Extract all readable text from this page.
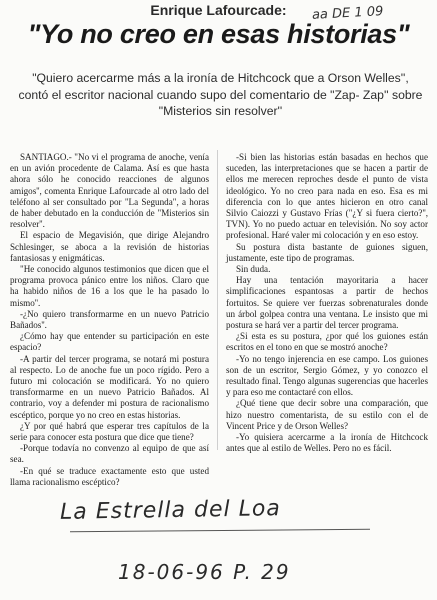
Enrique Lafourcade:	aa DE 1 09
"Yo no creo en esas historias"
"Quiero acercarme más a la ironía de Hitchcock que a Orson Welles'', contó el escritor nacional cuando supo del comentario de "Zap- Zap'' sobre "Misterios sin resolver''

SANTIAGO.- "No vi el programa de anoche, venía en un avión procedente de Calama. Así es que hasta ahora sólo he conocido reacciones de algunos amigos'', comenta Enrique Lafourcade al otro lado del teléfono al ser consultado por "La Segunda", a horas de haber debutado en la conducción de "Misterios sin resolver''.

El espacio de Megavisión, que dirige Alejandro Schlesinger, se aboca a la revisión de historias fantasiosas y enigmáticas.

"He conocido algunos testimonios que dicen que el programa provoca pánico entre los niños. Claro que ha habido niños de 16 a los que le ha pasado lo mismo''.

-¿No quiero transformarme en un nuevo Patricio Bañados''.

¿Cómo hay que entender su participación en este espacio?

-A partir del tercer programa, se notará mi postura al respecto. Lo de anoche fue un poco rígido. Pero a futuro mi colocación se modificará. Yo no quiero transformarme en un nuevo Patricio Bañados. Al contrario, voy a defender mi postura de racionalismo escéptico, porque yo no creo en estas historias.

¿Y por qué habrá que esperar tres capítulos de la serie para conocer esta postura que dice que tiene?

-Porque todavía no convenzo al equipo de que así sea.

-En qué se traduce exactamente esto que usted llama racionalismo escéptico?

-Si bien las historias están basadas en hechos que suceden, las interpretaciones que se hacen a partir de ellos me merecen reproches desde el punto de vista ideológico. Yo no creo para nada en eso. Esa es mi diferencia con lo que antes hicieron en otro canal Silvio Caiozzi y Gustavo Frías ("¿Y si fuera cierto?'', TVN). Yo no puedo actuar en televisión. No soy actor profesional. Haré valer mi colocación y en eso estoy.

Su postura dista bastante de guiones siguen, justamente, este tipo de programas.

Sin duda.

Hay una tentación mayoritaria a hacer simplificaciones espantosas a partir de hechos fortuitos. Se quiere ver fuerzas sobrenaturales donde un árbol golpea contra una ventana. Le insisto que mi postura se hará ver a partir del tercer programa.

¿Si esta es su postura, ¿por qué los guiones están escritos en el tono en que se mostró anoche?

-Yo no tengo injerencia en ese campo. Los guiones son de un escritor, Sergio Gómez, y yo conozco el resultado final. Tengo algunas sugerencias que hacerles y para eso me contactaré con ellos.

¿Qué tiene que decir sobre una comparación, que hizo nuestro comentarista, de su estilo con el de Vincent Price y de Orson Welles?

-Yo quisiera acercarme a la ironía de Hitchcock antes que al estilo de Welles. Pero no es fácil.

La Estrella del Loa
18-06-96 P. 29
